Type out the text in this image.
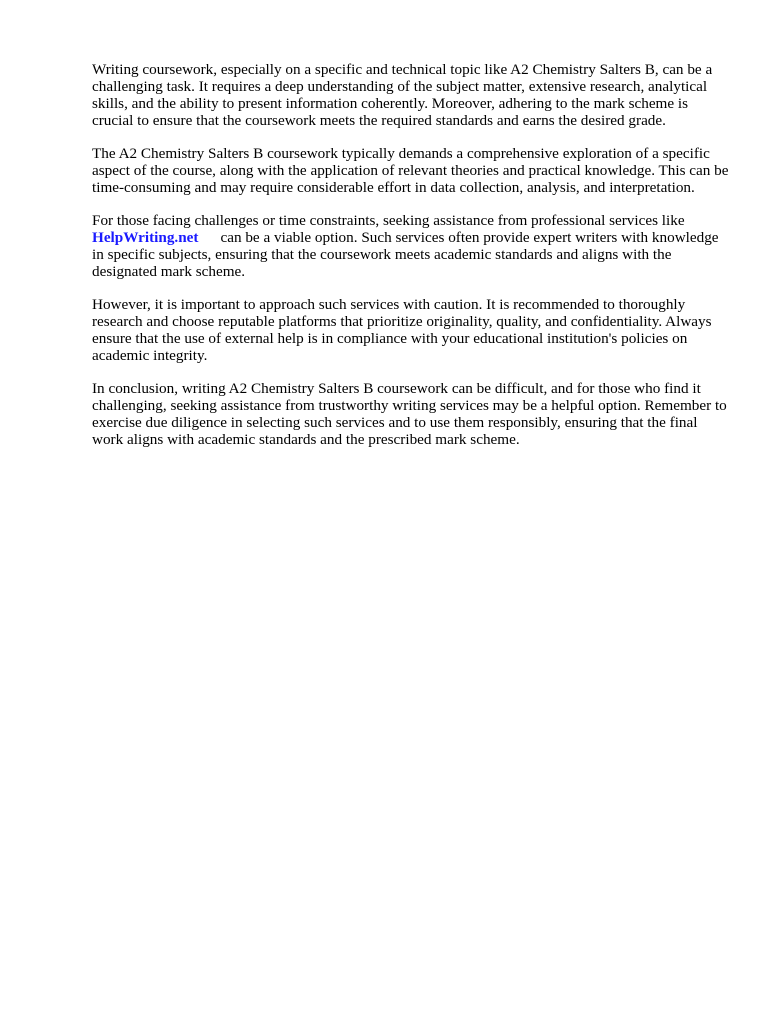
Writing coursework, especially on a specific and technical topic like A2 Chemistry Salters B, can be a challenging task. It requires a deep understanding of the subject matter, extensive research, analytical skills, and the ability to present information coherently. Moreover, adhering to the mark scheme is crucial to ensure that the coursework meets the required standards and earns the desired grade.

The A2 Chemistry Salters B coursework typically demands a comprehensive exploration of a specific aspect of the course, along with the application of relevant theories and practical knowledge. This can be time-consuming and may require considerable effort in data collection, analysis, and interpretation.

For those facing challenges or time constraints, seeking assistance from professional services like HelpWriting.net can be a viable option. Such services often provide expert writers with knowledge in specific subjects, ensuring that the coursework meets academic standards and aligns with the designated mark scheme.

However, it is important to approach such services with caution. It is recommended to thoroughly research and choose reputable platforms that prioritize originality, quality, and confidentiality. Always ensure that the use of external help is in compliance with your educational institution's policies on academic integrity.

In conclusion, writing A2 Chemistry Salters B coursework can be difficult, and for those who find it challenging, seeking assistance from trustworthy writing services may be a helpful option. Remember to exercise due diligence in selecting such services and to use them responsibly, ensuring that the final work aligns with academic standards and the prescribed mark scheme.
